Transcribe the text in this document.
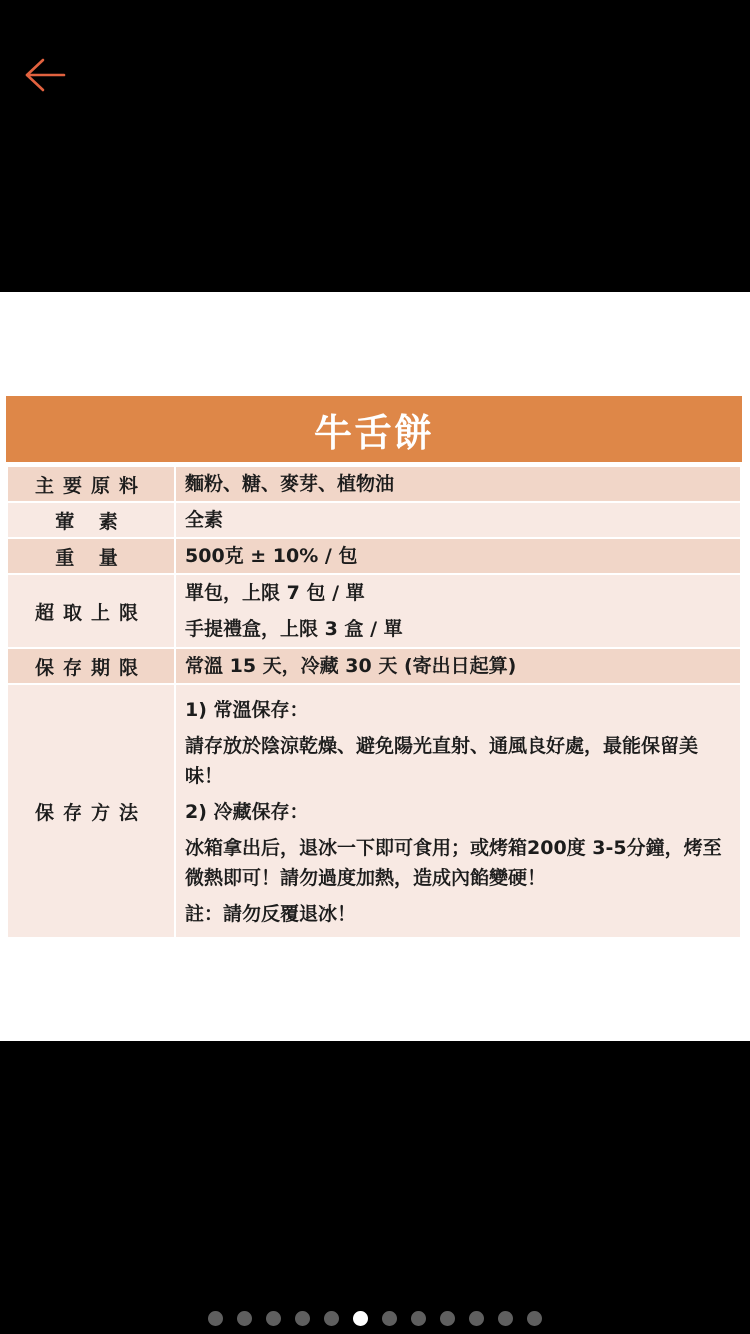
牛舌餅
主要原料	麵粉、糖、麥芽、植物油

葷 素	全素

重 量	500克 ± 10% / 包

超取上限	單包，上限 7 包 / 單
手提禮盒，上限 3 盒 / 單

保存期限	常溫 15 天，冷藏 30 天 (寄出日起算)

保存方法	1) 常溫保存：
請存放於陰涼乾燥、避免陽光直射、通風良好處，最能保留美味！
2) 冷藏保存：
冰箱拿出后，退冰一下即可食用；或烤箱200度 3-5分鐘，烤至微熱即可！請勿過度加熱，造成內餡變硬！
註：請勿反覆退冰！
